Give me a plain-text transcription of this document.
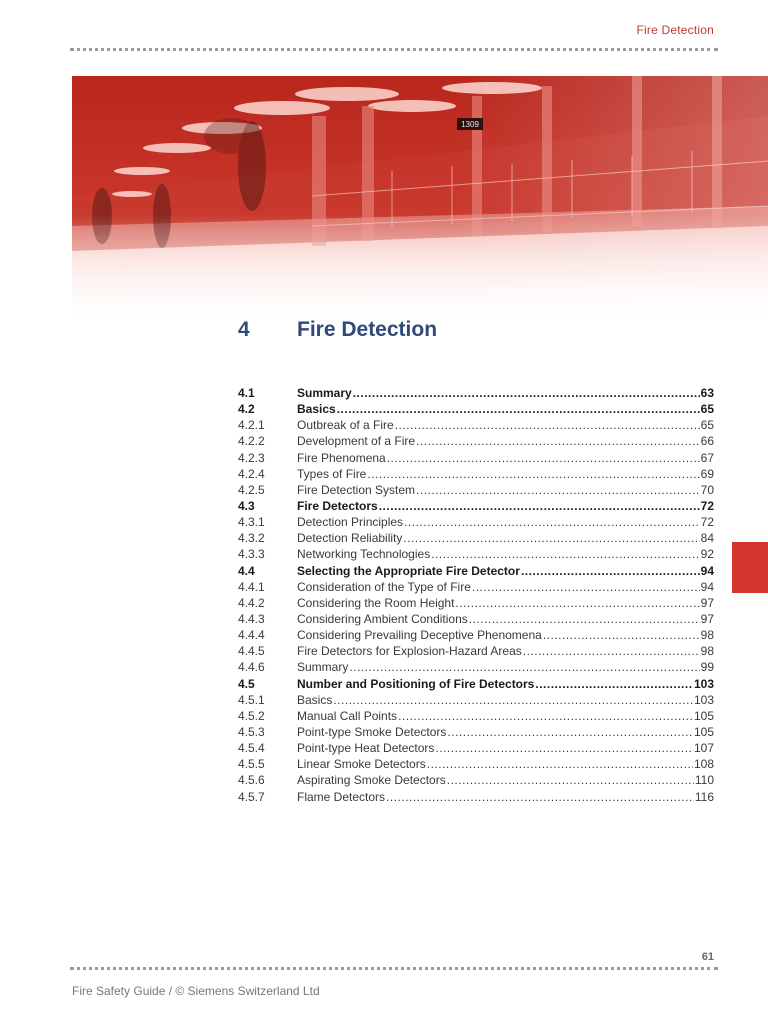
Fire Detection
4	Fire Detection
4.1	Summary .....	63
4.2	Basics .....	65
4.2.1	Outbreak of a Fire .....	65
4.2.2	Development of a Fire .....	66
4.2.3	Fire Phenomena .....	67
4.2.4	Types of Fire .....	69
4.2.5	Fire Detection System .....	70
4.3	Fire Detectors .....	72
4.3.1	Detection Principles .....	72
4.3.2	Detection Reliability .....	84
4.3.3	Networking Technologies .....	92
4.4	Selecting the Appropriate Fire Detector .....	94
4.4.1	Consideration of the Type of Fire .....	94
4.4.2	Considering the Room Height .....	97
4.4.3	Considering Ambient Conditions .....	97
4.4.4	Considering Prevailing Deceptive Phenomena .....	98
4.4.5	Fire Detectors for Explosion-Hazard Areas .....	98
4.4.6	Summary .....	99
4.5	Number and Positioning of Fire Detectors .....	103
4.5.1	Basics .....	103
4.5.2	Manual Call Points .....	105
4.5.3	Point-type Smoke Detectors .....	105
4.5.4	Point-type Heat Detectors .....	107
4.5.5	Linear Smoke Detectors .....	108
4.5.6	Aspirating Smoke Detectors .....	110
4.5.7	Flame Detectors .....	116
61
Fire Safety Guide / © Siemens Switzerland Ltd
